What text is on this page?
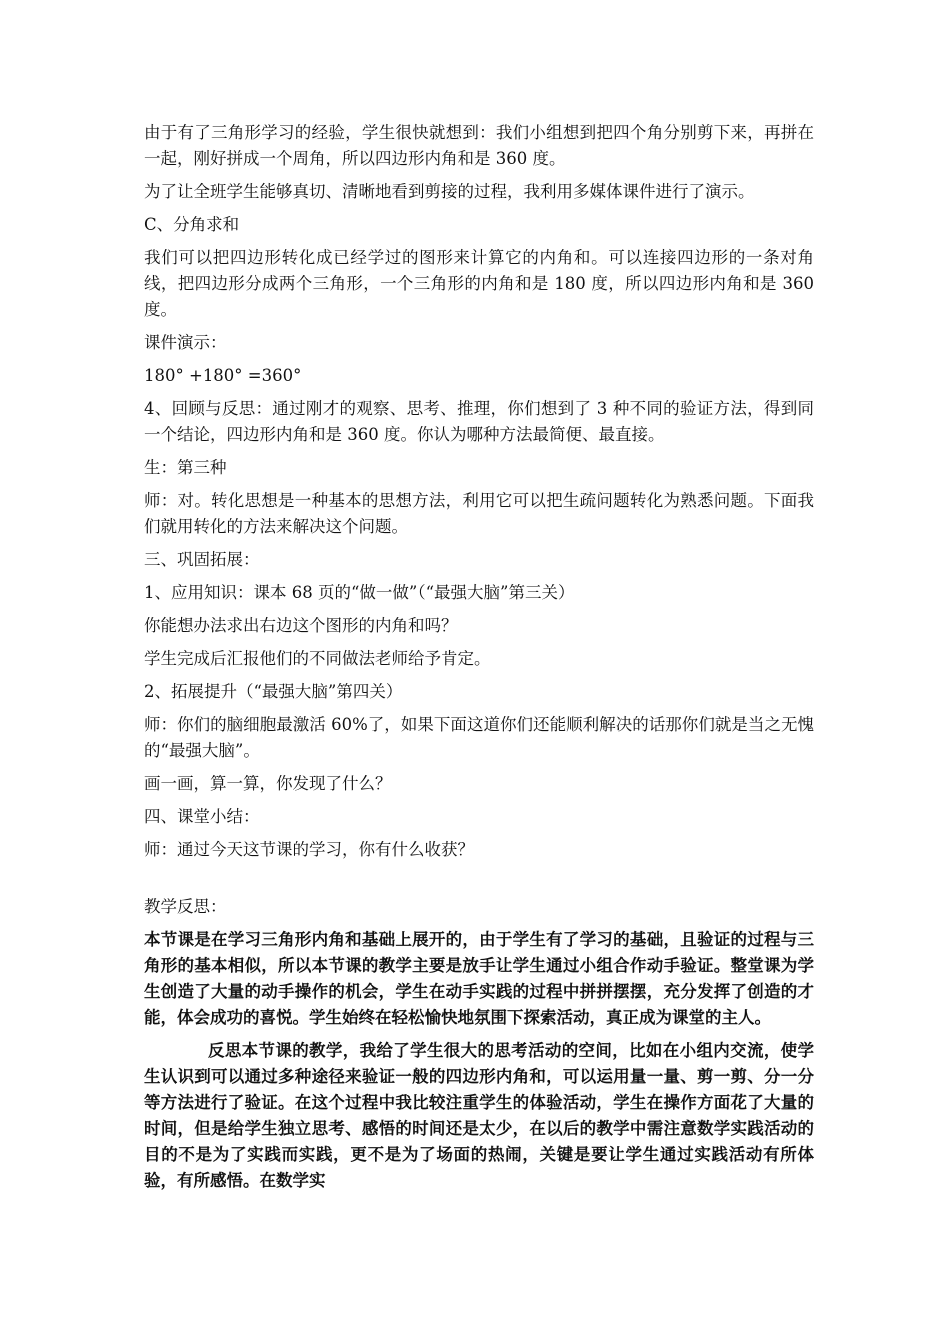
由于有了三角形学习的经验，学生很快就想到：我们小组想到把四个角分别剪下来，再拼在一起，刚好拼成一个周角，所以四边形内角和是 360 度。

为了让全班学生能够真切、清晰地看到剪接的过程，我利用多媒体课件进行了演示。

C、分角求和

我们可以把四边形转化成已经学过的图形来计算它的内角和。可以连接四边形的一条对角线，把四边形分成两个三角形，一个三角形的内角和是 180 度，所以四边形内角和是 360 度。

课件演示：

180° +180° =360°

4、回顾与反思：通过刚才的观察、思考、推理，你们想到了 3 种不同的验证方法，得到同一个结论，四边形内角和是 360 度。你认为哪种方法最简便、最直接。

生：第三种

师：对。转化思想是一种基本的思想方法，利用它可以把生疏问题转化为熟悉问题。下面我们就用转化的方法来解决这个问题。

三、巩固拓展：

1、应用知识：课本 68 页的“做一做”（“最强大脑”第三关）

你能想办法求出右边这个图形的内角和吗？

学生完成后汇报他们的不同做法老师给予肯定。

2、拓展提升（“最强大脑”第四关）

师：你们的脑细胞最激活 60%了，如果下面这道你们还能顺利解决的话那你们就是当之无愧的“最强大脑”。

画一画，算一算，你发现了什么？

四、课堂小结：

师：通过今天这节课的学习，你有什么收获？

教学反思：

本节课是在学习三角形内角和基础上展开的，由于学生有了学习的基础，且验证的过程与三角形的基本相似，所以本节课的教学主要是放手让学生通过小组合作动手验证。整堂课为学生创造了大量的动手操作的机会，学生在动手实践的过程中拼拼摆摆，充分发挥了创造的才能，体会成功的喜悦。学生始终在轻松愉快地氛围下探索活动，真正成为课堂的主人。

反思本节课的教学，我给了学生很大的思考活动的空间，比如在小组内交流，使学生认识到可以通过多种途径来验证一般的四边形内角和，可以运用量一量、剪一剪、分一分等方法进行了验证。在这个过程中我比较注重学生的体验活动，学生在操作方面花了大量的时间，但是给学生独立思考、感悟的时间还是太少，在以后的教学中需注意数学实践活动的目的不是为了实践而实践，更不是为了场面的热闹，关键是要让学生通过实践活动有所体验，有所感悟。在数学实
